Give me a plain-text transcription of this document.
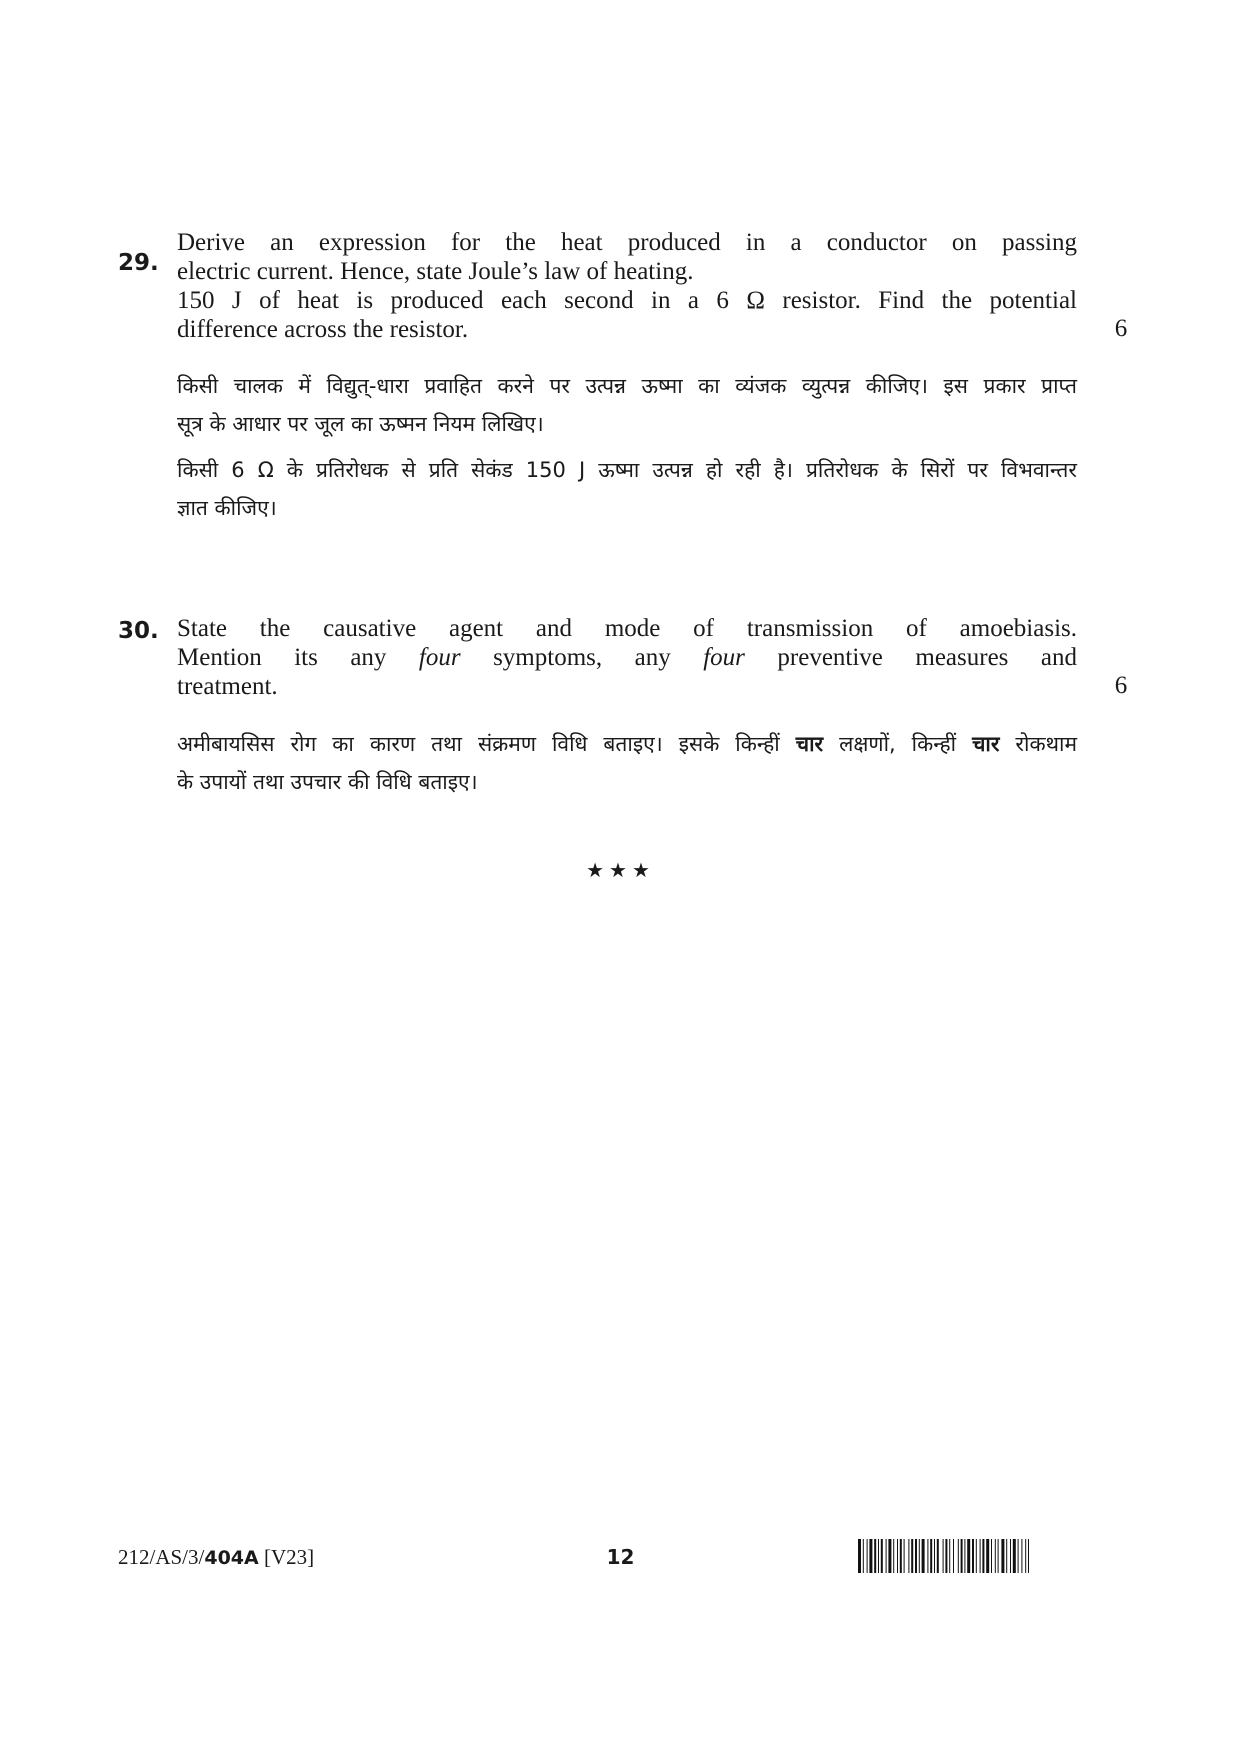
29.
Derive an expression for the heat produced in a conductor on passing
electric current. Hence, state Joule’s law of heating.
150 J of heat is produced each second in a 6 Ω resistor. Find the potential
difference across the resistor.	6
किसी चालक में विद्युत्-धारा प्रवाहित करने पर उत्पन्न ऊष्मा का व्यंजक व्युत्पन्न कीजिए। इस प्रकार प्राप्त
सूत्र के आधार पर जूल का ऊष्मन नियम लिखिए।
किसी 6 Ω के प्रतिरोधक से प्रति सेकंड 150 J ऊष्मा उत्पन्न हो रही है। प्रतिरोधक के सिरों पर विभवान्तर
ज्ञात कीजिए।
30. State the causative agent and mode of transmission of amoebiasis.
Mention its any four symptoms, any four preventive measures and
treatment.	6
अमीबायसिस रोग का कारण तथा संक्रमण विधि बताइए। इसके किन्हीं चार लक्षणों, किन्हीं चार रोकथाम
के उपायों तथा उपचार की विधि बताइए।
★★★
212/AS/3/404A [V23]	12
